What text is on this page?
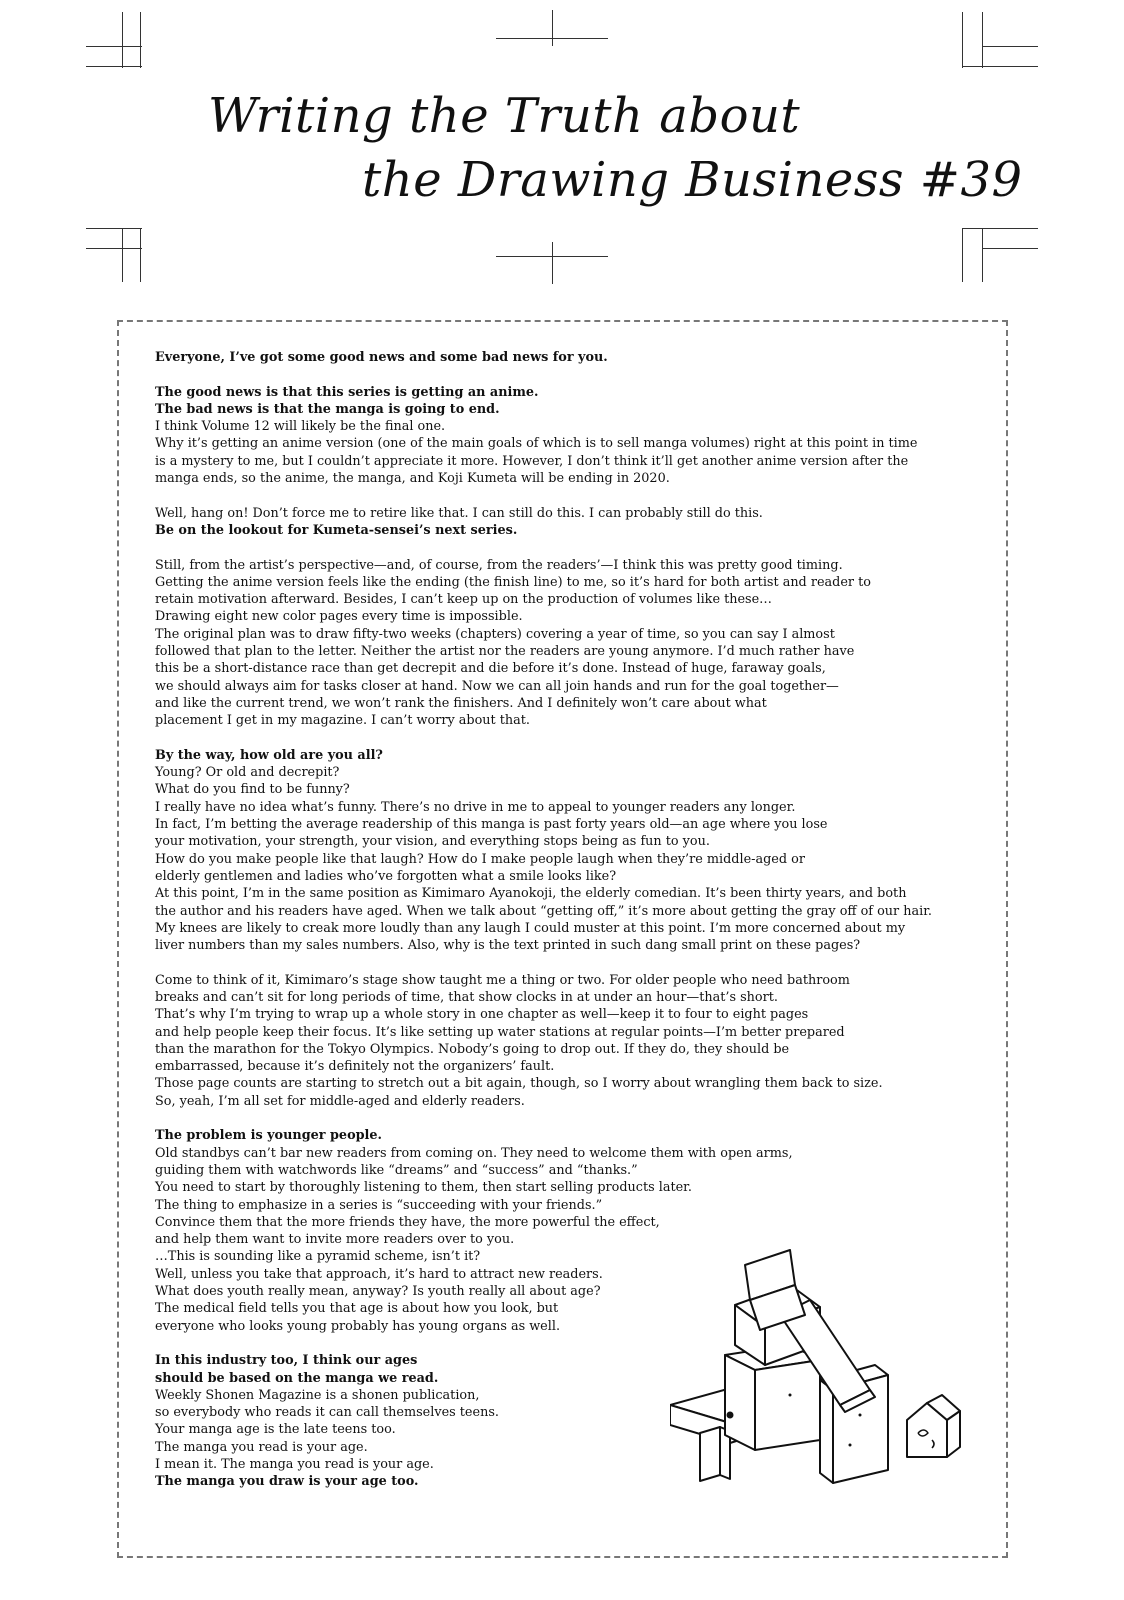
Writing the Truth about
the Drawing Business #39

Everyone, I’ve got some good news and some bad news for you.

The good news is that this series is getting an anime.
The bad news is that the manga is going to end.
I think Volume 12 will likely be the final one.
Why it’s getting an anime version (one of the main goals of which is to sell manga volumes) right at this point in time
is a mystery to me, but I couldn’t appreciate it more. However, I don’t think it’ll get another anime version after the
manga ends, so the anime, the manga, and Koji Kumeta will be ending in 2020.

Well, hang on! Don’t force me to retire like that. I can still do this. I can probably still do this.
Be on the lookout for Kumeta-sensei’s next series.

Still, from the artist’s perspective—and, of course, from the readers’—I think this was pretty good timing.
Getting the anime version feels like the ending (the finish line) to me, so it’s hard for both artist and reader to
retain motivation afterward. Besides, I can’t keep up on the production of volumes like these…
Drawing eight new color pages every time is impossible.
The original plan was to draw fifty-two weeks (chapters) covering a year of time, so you can say I almost
followed that plan to the letter. Neither the artist nor the readers are young anymore. I’d much rather have
this be a short-distance race than get decrepit and die before it’s done. Instead of huge, faraway goals,
we should always aim for tasks closer at hand. Now we can all join hands and run for the goal together—
and like the current trend, we won’t rank the finishers. And I definitely won’t care about what
placement I get in my magazine. I can’t worry about that.

By the way, how old are you all?
Young? Or old and decrepit?
What do you find to be funny?
I really have no idea what’s funny. There’s no drive in me to appeal to younger readers any longer.
In fact, I’m betting the average readership of this manga is past forty years old—an age where you lose
your motivation, your strength, your vision, and everything stops being as fun to you.
How do you make people like that laugh? How do I make people laugh when they’re middle-aged or
elderly gentlemen and ladies who’ve forgotten what a smile looks like?
At this point, I’m in the same position as Kimimaro Ayanokoji, the elderly comedian. It’s been thirty years, and both
the author and his readers have aged. When we talk about “getting off,” it’s more about getting the gray off of our hair.
My knees are likely to creak more loudly than any laugh I could muster at this point. I’m more concerned about my
liver numbers than my sales numbers. Also, why is the text printed in such dang small print on these pages?

Come to think of it, Kimimaro’s stage show taught me a thing or two. For older people who need bathroom
breaks and can’t sit for long periods of time, that show clocks in at under an hour—that’s short.
That’s why I’m trying to wrap up a whole story in one chapter as well—keep it to four to eight pages
and help people keep their focus. It’s like setting up water stations at regular points—I’m better prepared
than the marathon for the Tokyo Olympics. Nobody’s going to drop out. If they do, they should be
embarrassed, because it’s definitely not the organizers’ fault.
Those page counts are starting to stretch out a bit again, though, so I worry about wrangling them back to size.
So, yeah, I’m all set for middle-aged and elderly readers.

The problem is younger people.
Old standbys can’t bar new readers from coming on. They need to welcome them with open arms,
guiding them with watchwords like “dreams” and “success” and “thanks.”
You need to start by thoroughly listening to them, then start selling products later.
The thing to emphasize in a series is “succeeding with your friends.”
Convince them that the more friends they have, the more powerful the effect,
and help them want to invite more readers over to you.
…This is sounding like a pyramid scheme, isn’t it?
Well, unless you take that approach, it’s hard to attract new readers.
What does youth really mean, anyway? Is youth really all about age?
The medical field tells you that age is about how you look, but
everyone who looks young probably has young organs as well.

In this industry too, I think our ages
should be based on the manga we read.
Weekly Shonen Magazine is a shonen publication,
so everybody who reads it can call themselves teens.
Your manga age is the late teens too.
The manga you read is your age.
I mean it. The manga you read is your age.
The manga you draw is your age too.
